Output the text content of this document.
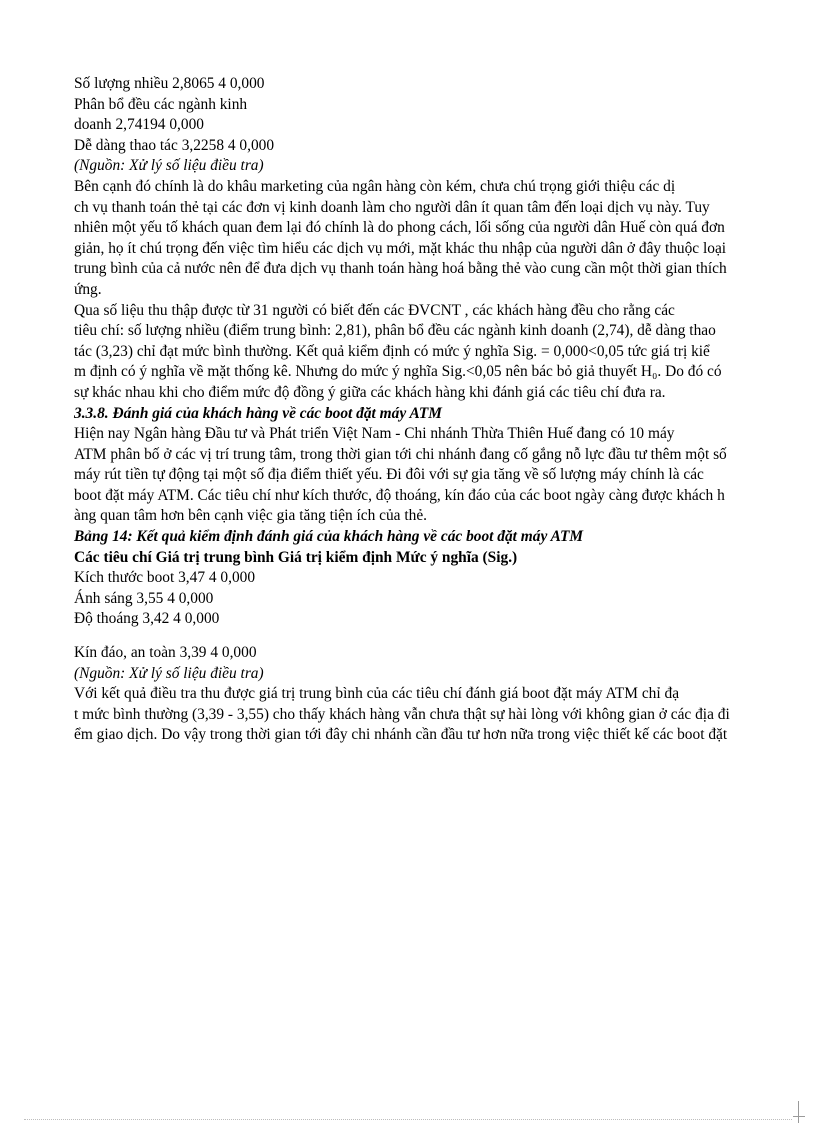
Số lượng nhiều 2,8065 4 0,000
Phân bổ đều các ngành kinh
doanh 2,74194 0,000
Dễ dàng thao tác 3,2258 4 0,000
(Nguồn: Xử lý số liệu điều tra)
Bên cạnh đó chính là do khâu marketing của ngân hàng còn kém, chưa chú trọng giới thiệu các dị
ch vụ thanh toán thẻ tại các đơn vị kinh doanh làm cho người dân ít quan tâm đến loại dịch vụ này. Tuy
nhiên một yếu tố khách quan đem lại đó chính là do phong cách, lối sống của người dân Huế còn quá đơn
giản, họ ít chú trọng đến việc tìm hiểu các dịch vụ mới, mặt khác thu nhập của người dân ở đây thuộc loại
trung bình của cả nước nên để đưa dịch vụ thanh toán hàng hoá bằng thẻ vào cung cần một thời gian thích
ứng.
Qua số liệu thu thập được từ 31 người có biết đến các ĐVCNT , các khách hàng đều cho rằng các
tiêu chí: số lượng nhiều (điểm trung bình: 2,81), phân bổ đều các ngành kinh doanh (2,74), dễ dàng thao
tác (3,23) chỉ đạt mức bình thường. Kết quả kiểm định có mức ý nghĩa Sig. = 0,000<0,05 tức giá trị kiể
m định có ý nghĩa về mặt thống kê. Nhưng do mức ý nghĩa Sig.<0,05 nên bác bỏ giả thuyết H₀. Do đó có
sự khác nhau khi cho điểm mức độ đồng ý giữa các khách hàng khi đánh giá các tiêu chí đưa ra.
3.3.8. Đánh giá của khách hàng về các boot đặt máy ATM
Hiện nay Ngân hàng Đầu tư và Phát triển Việt Nam - Chi nhánh Thừa Thiên Huế đang có 10 máy
ATM phân bố ở các vị trí trung tâm, trong thời gian tới chi nhánh đang cố gắng nỗ lực đầu tư thêm một số
máy rút tiền tự động tại một số địa điểm thiết yếu. Đi đôi với sự gia tăng về số lượng máy chính là các
boot đặt máy ATM. Các tiêu chí như kích thước, độ thoáng, kín đáo của các boot ngày càng được khách h
àng quan tâm hơn bên cạnh việc gia tăng tiện ích của thẻ.
Bảng 14: Kết quả kiểm định đánh giá của khách hàng về các boot đặt máy ATM
Các tiêu chí Giá trị trung bình Giá trị kiểm định Mức ý nghĩa (Sig.)
Kích thước boot 3,47 4 0,000
Ánh sáng 3,55 4 0,000
Độ thoáng 3,42 4 0,000
Kín đáo, an toàn 3,39 4 0,000
(Nguồn: Xử lý số liệu điều tra)
Với kết quả điều tra thu được giá trị trung bình của các tiêu chí đánh giá boot đặt máy ATM chỉ đạ
t mức bình thường (3,39 - 3,55) cho thấy khách hàng vẫn chưa thật sự hài lòng với không gian ở các địa đi
ểm giao dịch. Do vậy trong thời gian tới đây chi nhánh cần đầu tư hơn nữa trong việc thiết kế các boot đặt
